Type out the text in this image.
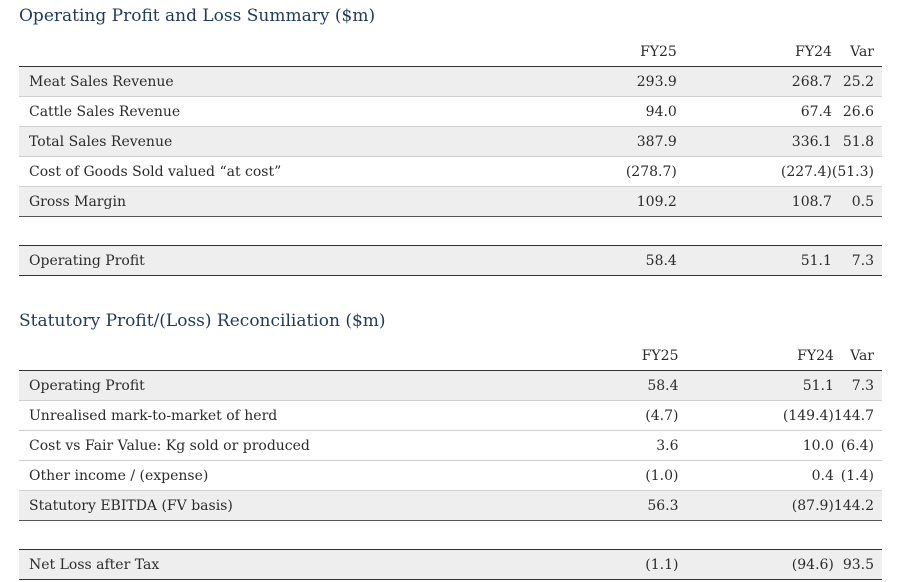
Operating Profit and Loss Summary ($m)
	FY25	FY24	Var
Meat Sales Revenue	293.9	268.7	25.2
Cattle Sales Revenue	94.0	67.4	26.6
Total Sales Revenue	387.9	336.1	51.8
Cost of Goods Sold valued “at cost”	(278.7)	(227.4)	(51.3)
Gross Margin	109.2	108.7	0.5

Operating Profit	58.4	51.1	7.3
Statutory Profit/(Loss) Reconciliation ($m)
	FY25	FY24	Var
Operating Profit	58.4	51.1	7.3
Unrealised mark-to-market of herd	(4.7)	(149.4)	144.7
Cost vs Fair Value: Kg sold or produced	3.6	10.0	(6.4)
Other income / (expense)	(1.0)	0.4	(1.4)
Statutory EBITDA (FV basis)	56.3	(87.9)	144.2

Net Loss after Tax	(1.1)	(94.6)	93.5
